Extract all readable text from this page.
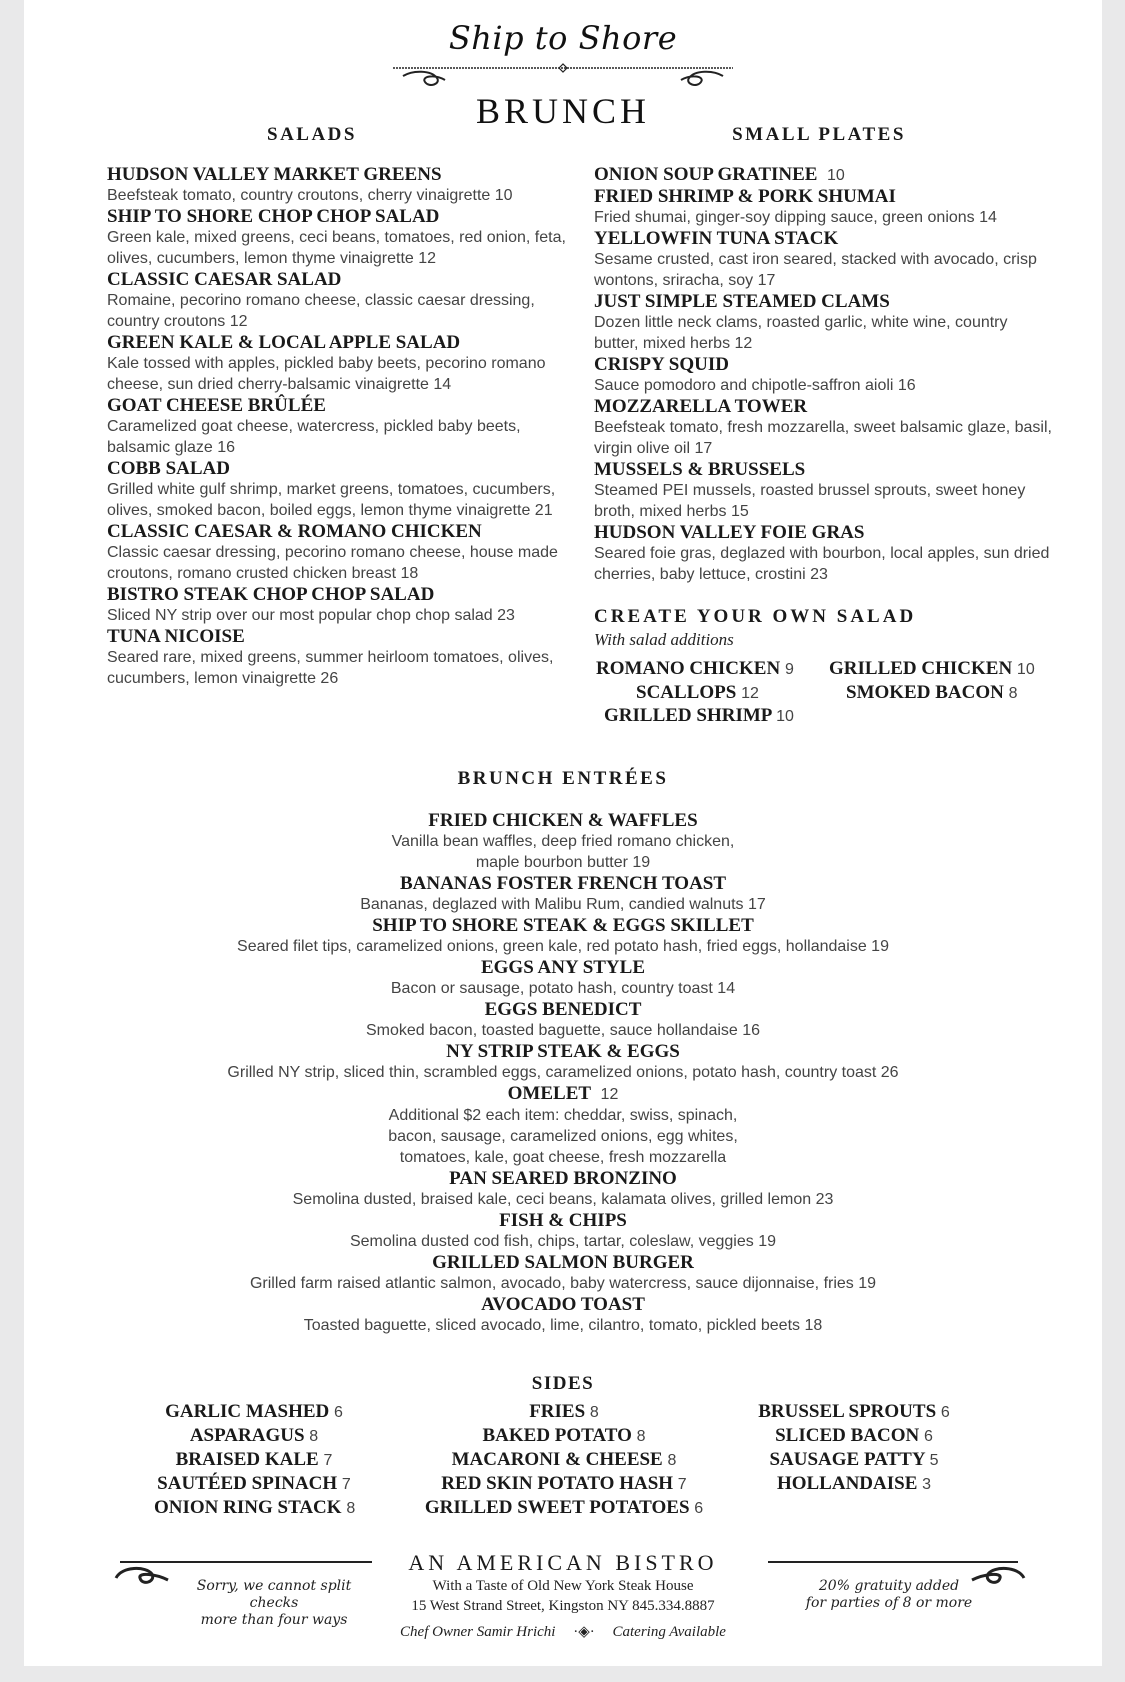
Ship to Shore
BRUNCH
SALADS
HUDSON VALLEY MARKET GREENS
Beefsteak tomato, country croutons, cherry vinaigrette 10
SHIP TO SHORE CHOP CHOP SALAD
Green kale, mixed greens, ceci beans, tomatoes, red onion, feta, olives, cucumbers, lemon thyme vinaigrette 12
CLASSIC CAESAR SALAD
Romaine, pecorino romano cheese, classic caesar dressing, country croutons 12
GREEN KALE & LOCAL APPLE SALAD
Kale tossed with apples, pickled baby beets, pecorino romano cheese, sun dried cherry-balsamic vinaigrette 14
GOAT CHEESE BRÛLÉE
Caramelized goat cheese, watercress, pickled baby beets, balsamic glaze 16
COBB SALAD
Grilled white gulf shrimp, market greens, tomatoes, cucumbers, olives, smoked bacon, boiled eggs, lemon thyme vinaigrette 21
CLASSIC CAESAR & ROMANO CHICKEN
Classic caesar dressing, pecorino romano cheese, house made croutons, romano crusted chicken breast 18
BISTRO STEAK CHOP CHOP SALAD
Sliced NY strip over our most popular chop chop salad 23
TUNA NICOISE
Seared rare, mixed greens, summer heirloom tomatoes, olives, cucumbers, lemon vinaigrette 26
SMALL PLATES
ONION SOUP GRATINEE 10
FRIED SHRIMP & PORK SHUMAI
Fried shumai, ginger-soy dipping sauce, green onions 14
YELLOWFIN TUNA STACK
Sesame crusted, cast iron seared, stacked with avocado, crisp wontons, sriracha, soy 17
JUST SIMPLE STEAMED CLAMS
Dozen little neck clams, roasted garlic, white wine, country butter, mixed herbs 12
CRISPY SQUID
Sauce pomodoro and chipotle-saffron aioli 16
MOZZARELLA TOWER
Beefsteak tomato, fresh mozzarella, sweet balsamic glaze, basil, virgin olive oil 17
MUSSELS & BRUSSELS
Steamed PEI mussels, roasted brussel sprouts, sweet honey broth, mixed herbs 15
HUDSON VALLEY FOIE GRAS
Seared foie gras, deglazed with bourbon, local apples, sun dried cherries, baby lettuce, crostini 23
CREATE YOUR OWN SALAD
With salad additions
ROMANO CHICKEN 9 GRILLED CHICKEN 10
SCALLOPS 12	SMOKED BACON 8
GRILLED SHRIMP 10
BRUNCH ENTRÉES
FRIED CHICKEN & WAFFLES
Vanilla bean waffles, deep fried romano chicken,
maple bourbon butter 19
BANANAS FOSTER FRENCH TOAST
Bananas, deglazed with Malibu Rum, candied walnuts 17
SHIP TO SHORE STEAK & EGGS SKILLET
Seared filet tips, caramelized onions, green kale, red potato hash, fried eggs, hollandaise 19
EGGS ANY STYLE
Bacon or sausage, potato hash, country toast 14
EGGS BENEDICT
Smoked bacon, toasted baguette, sauce hollandaise 16
NY STRIP STEAK & EGGS
Grilled NY strip, sliced thin, scrambled eggs, caramelized onions, potato hash, country toast 26
OMELET 12
Additional $2 each item: cheddar, swiss, spinach,
bacon, sausage, caramelized onions, egg whites,
tomatoes, kale, goat cheese, fresh mozzarella
PAN SEARED BRONZINO
Semolina dusted, braised kale, ceci beans, kalamata olives, grilled lemon 23
FISH & CHIPS
Semolina dusted cod fish, chips, tartar, coleslaw, veggies 19
GRILLED SALMON BURGER
Grilled farm raised atlantic salmon, avocado, baby watercress, sauce dijonnaise, fries 19
AVOCADO TOAST
Toasted baguette, sliced avocado, lime, cilantro, tomato, pickled beets 18
SIDES
GARLIC MASHED 6
ASPARAGUS 8
BRAISED KALE 7
SAUTÉED SPINACH 7
ONION RING STACK 8
FRIES 8
BAKED POTATO 8
MACARONI & CHEESE 8
RED SKIN POTATO HASH 7
GRILLED SWEET POTATOES 6
BRUSSEL SPROUTS 6
SLICED BACON 6
SAUSAGE PATTY 5
HOLLANDAISE 3
AN AMERICAN BISTRO
With a Taste of Old New York Steak House
15 West Strand Street, Kingston NY 845.334.8887
Chef Owner Samir Hrichi ·◈· Catering Available
Sorry, we cannot split checks
more than four ways
20% gratuity added
for parties of 8 or more
